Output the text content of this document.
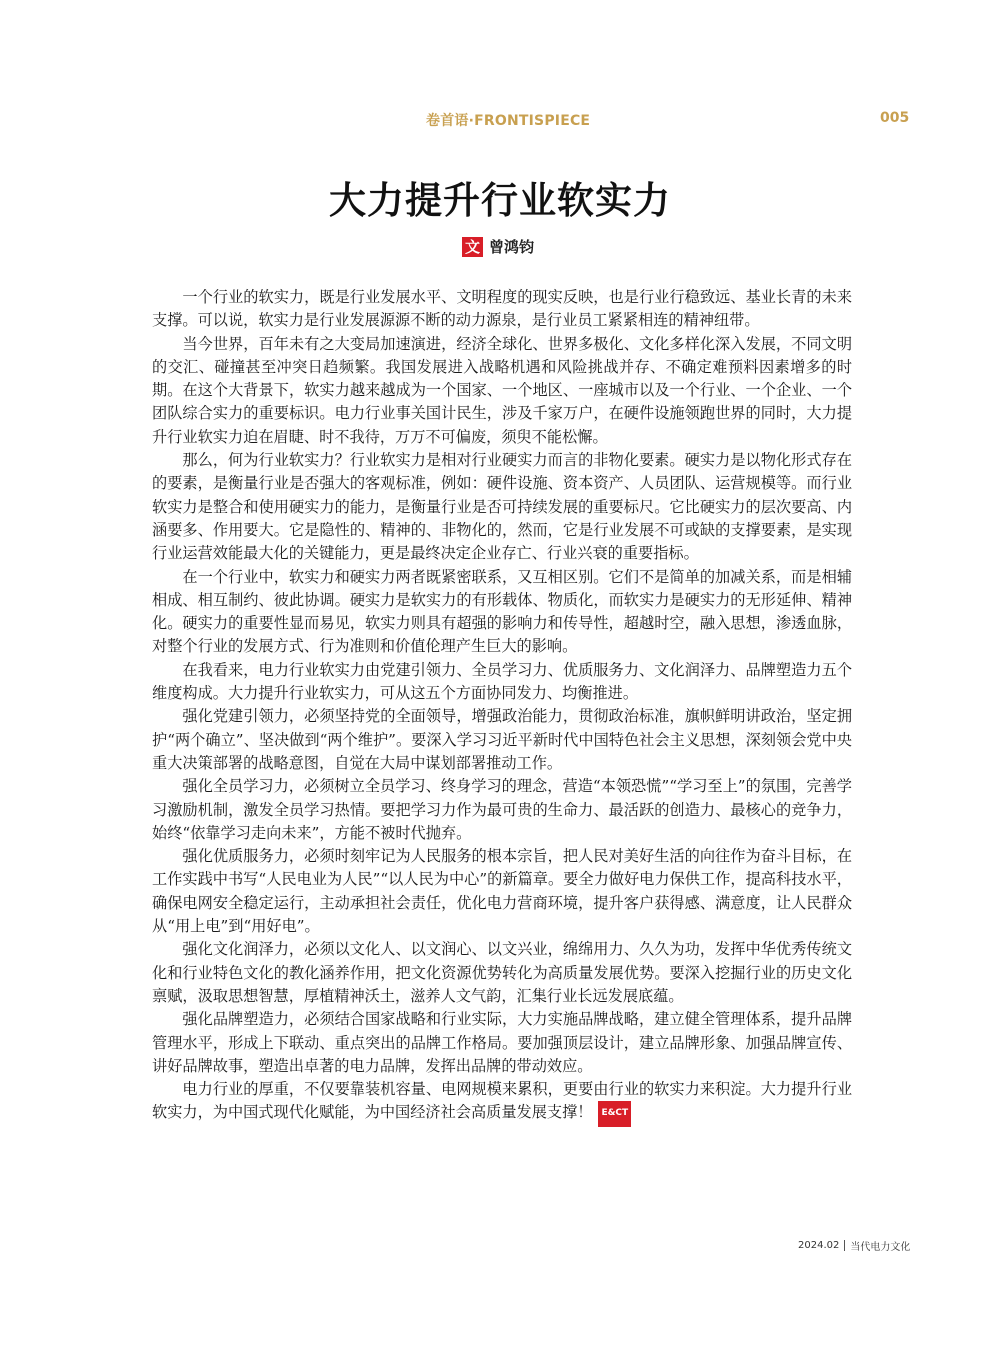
卷首语·FRONTISPIECE	005
大力提升行业软实力
文 曾鸿钧

一个行业的软实力，既是行业发展水平、文明程度的现实反映，也是行业行稳致远、基业长青的未来支撑。可以说，软实力是行业发展源源不断的动力源泉，是行业员工紧紧相连的精神纽带。

当今世界，百年未有之大变局加速演进，经济全球化、世界多极化、文化多样化深入发展，不同文明的交汇、碰撞甚至冲突日趋频繁。我国发展进入战略机遇和风险挑战并存、不确定难预料因素增多的时期。在这个大背景下，软实力越来越成为一个国家、一个地区、一座城市以及一个行业、一个企业、一个团队综合实力的重要标识。电力行业事关国计民生，涉及千家万户，在硬件设施领跑世界的同时，大力提升行业软实力迫在眉睫、时不我待，万万不可偏废，须臾不能松懈。

那么，何为行业软实力？行业软实力是相对行业硬实力而言的非物化要素。硬实力是以物化形式存在的要素，是衡量行业是否强大的客观标准，例如：硬件设施、资本资产、人员团队、运营规模等。而行业软实力是整合和使用硬实力的能力，是衡量行业是否可持续发展的重要标尺。它比硬实力的层次要高、内涵要多、作用要大。它是隐性的、精神的、非物化的，然而，它是行业发展不可或缺的支撑要素，是实现行业运营效能最大化的关键能力，更是最终决定企业存亡、行业兴衰的重要指标。

在一个行业中，软实力和硬实力两者既紧密联系，又互相区别。它们不是简单的加减关系，而是相辅相成、相互制约、彼此协调。硬实力是软实力的有形载体、物质化，而软实力是硬实力的无形延伸、精神化。硬实力的重要性显而易见，软实力则具有超强的影响力和传导性，超越时空，融入思想，渗透血脉，对整个行业的发展方式、行为准则和价值伦理产生巨大的影响。

在我看来，电力行业软实力由党建引领力、全员学习力、优质服务力、文化润泽力、品牌塑造力五个维度构成。大力提升行业软实力，可从这五个方面协同发力、均衡推进。

强化党建引领力，必须坚持党的全面领导，增强政治能力，贯彻政治标准，旗帜鲜明讲政治，坚定拥护“两个确立”、坚决做到“两个维护”。要深入学习习近平新时代中国特色社会主义思想，深刻领会党中央重大决策部署的战略意图，自觉在大局中谋划部署推动工作。

强化全员学习力，必须树立全员学习、终身学习的理念，营造“本领恐慌”“学习至上”的氛围，完善学习激励机制，激发全员学习热情。要把学习力作为最可贵的生命力、最活跃的创造力、最核心的竞争力，始终“依靠学习走向未来”，方能不被时代抛弃。

强化优质服务力，必须时刻牢记为人民服务的根本宗旨，把人民对美好生活的向往作为奋斗目标，在工作实践中书写“人民电业为人民”“以人民为中心”的新篇章。要全力做好电力保供工作，提高科技水平，确保电网安全稳定运行，主动承担社会责任，优化电力营商环境，提升客户获得感、满意度，让人民群众从“用上电”到“用好电”。

强化文化润泽力，必须以文化人、以文润心、以文兴业，绵绵用力、久久为功，发挥中华优秀传统文化和行业特色文化的教化涵养作用，把文化资源优势转化为高质量发展优势。要深入挖掘行业的历史文化禀赋，汲取思想智慧，厚植精神沃土，滋养人文气韵，汇集行业长远发展底蕴。

强化品牌塑造力，必须结合国家战略和行业实际，大力实施品牌战略，建立健全管理体系，提升品牌管理水平，形成上下联动、重点突出的品牌工作格局。要加强顶层设计，建立品牌形象、加强品牌宣传、讲好品牌故事，塑造出卓著的电力品牌，发挥出品牌的带动效应。

电力行业的厚重，不仅要靠装机容量、电网规模来累积，更要由行业的软实力来积淀。大力提升行业软实力，为中国式现代化赋能，为中国经济社会高质量发展支撑！ E&CT

2024.02 当代电力文化
